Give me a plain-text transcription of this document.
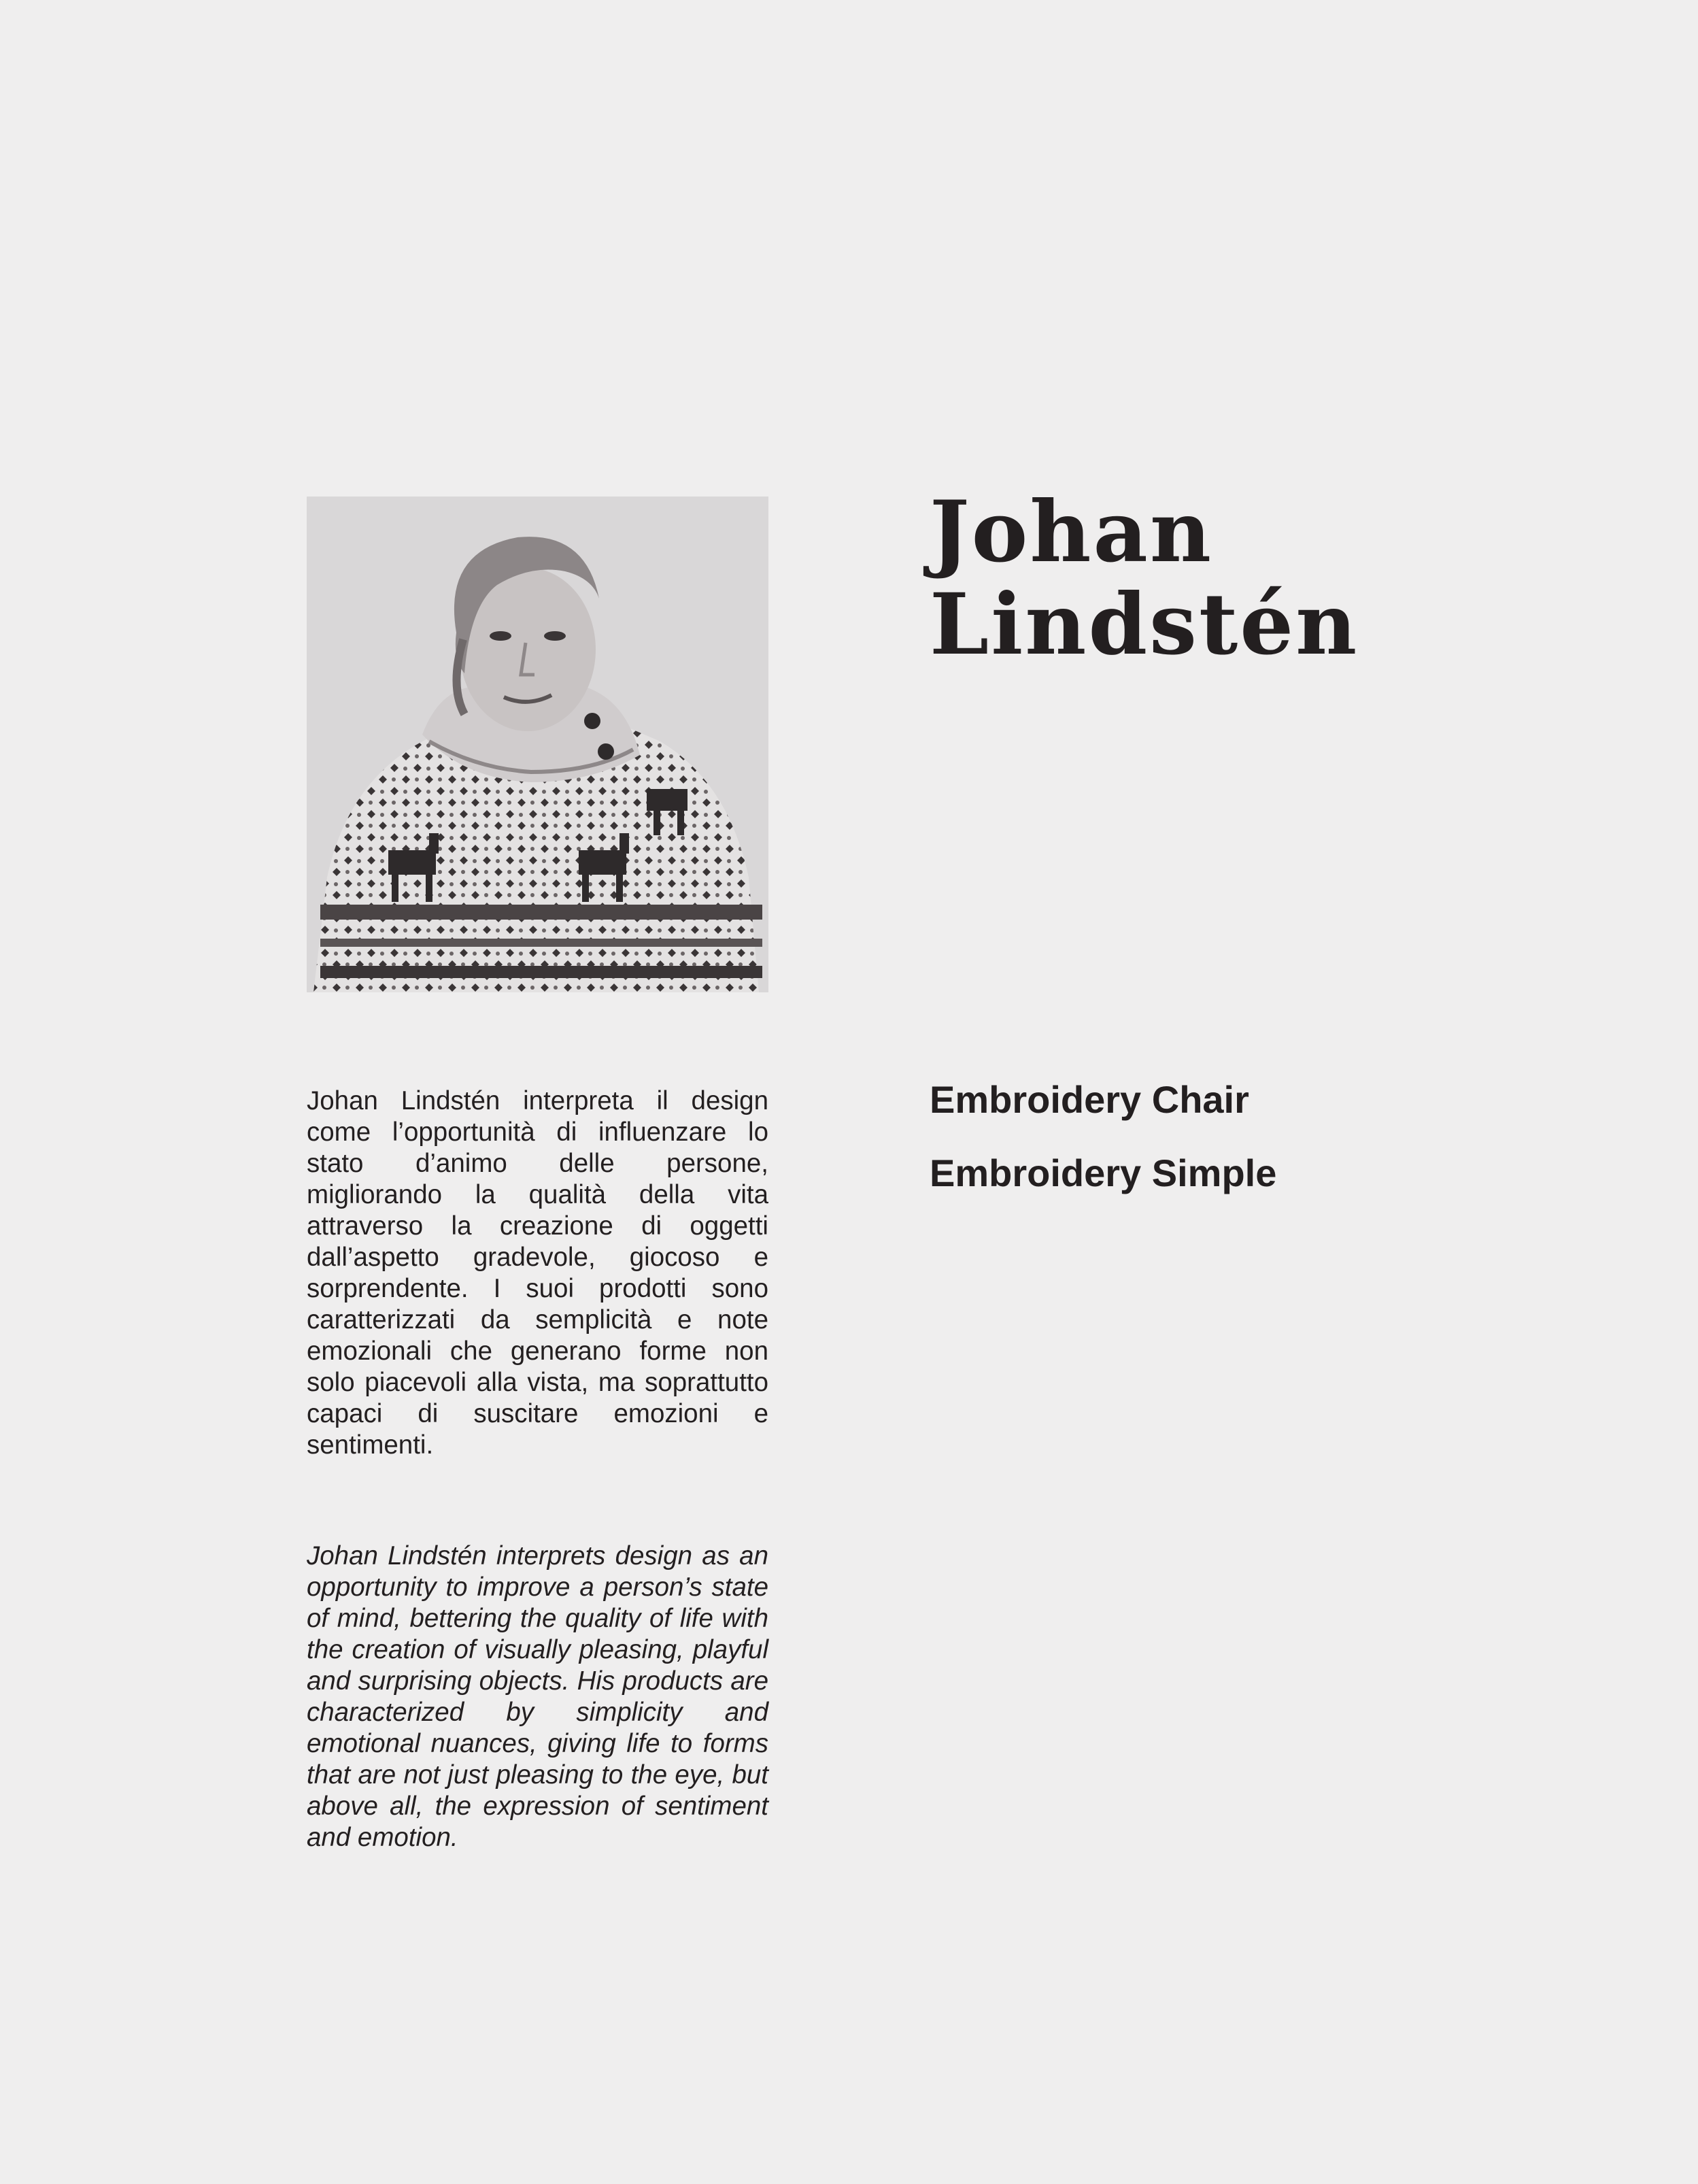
Johan
Lindstén

Embroidery Chair

Embroidery Simple

Johan Lindstén interpreta il design come l’opportunità di influenzare lo stato d’animo delle persone, migliorando la qualità della vita attraverso la creazione di oggetti dall’aspetto gradevole, giocoso e sorprendente. I suoi prodotti sono caratterizzati da semplicità e note emozionali che generano forme non solo piacevoli alla vista, ma soprattutto capaci di suscitare emozioni e sentimenti.

Johan Lindstén interprets design as an opportunity to improve a person’s state of mind, bettering the quality of life with the creation of visually pleasing, playful and surprising objects. His products are characterized by simplicity and emotional nuances, giving life to forms that are not just pleasing to the eye, but above all, the expression of sentiment and emotion.
